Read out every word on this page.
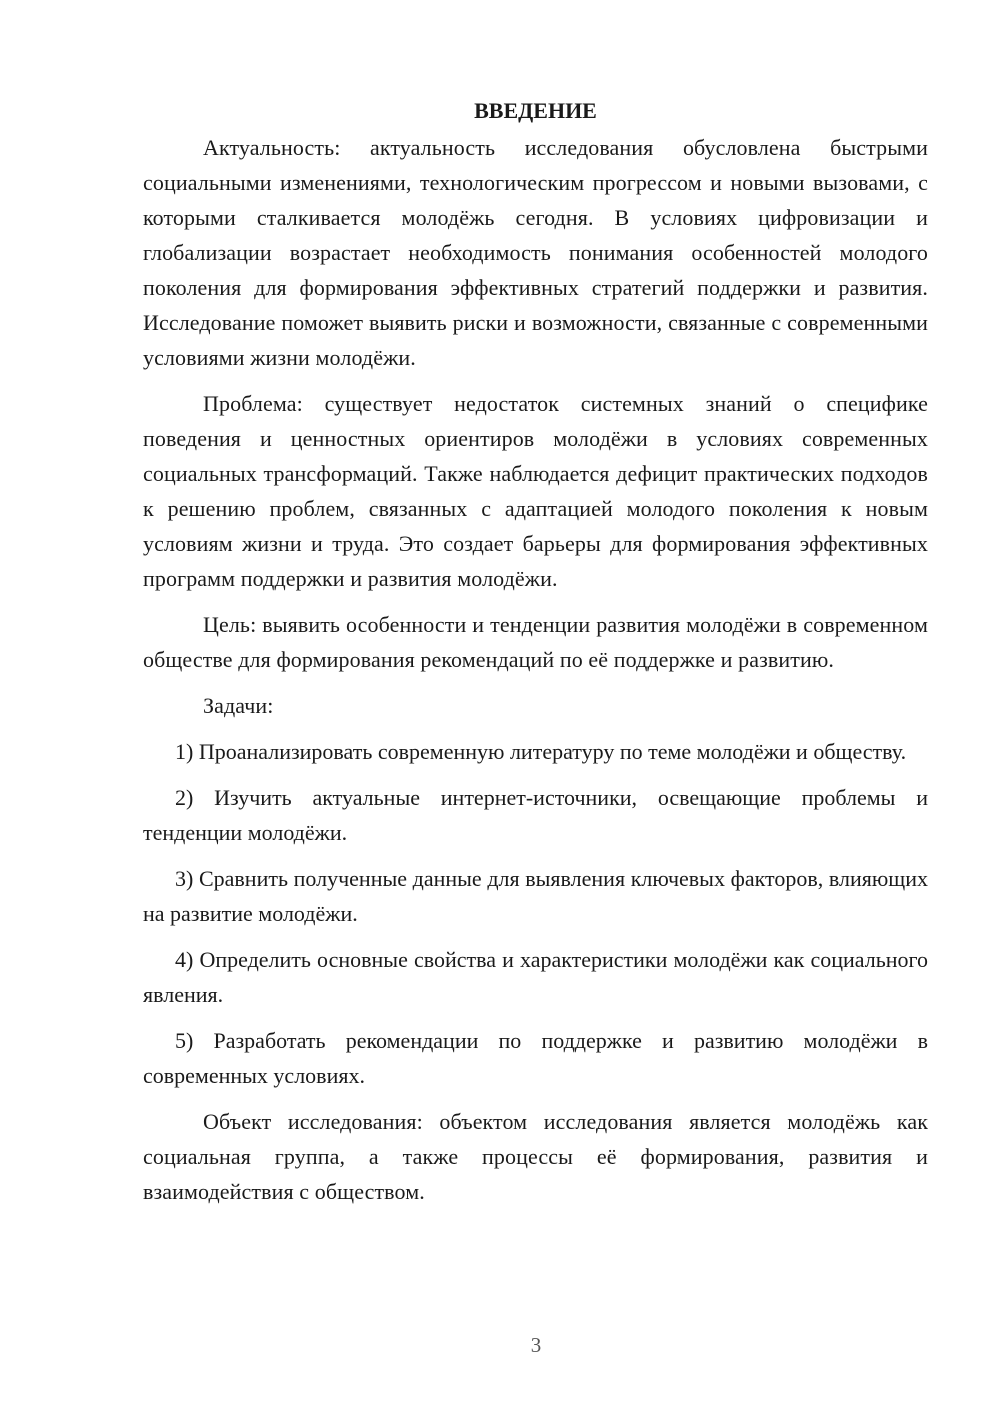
ВВЕДЕНИЕ

Актуальность: актуальность исследования обусловлена быстрыми социальными изменениями, технологическим прогрессом и новыми вызовами, с которыми сталкивается молодёжь сегодня. В условиях цифровизации и глобализации возрастает необходимость понимания особенностей молодого поколения для формирования эффективных стратегий поддержки и развития. Исследование поможет выявить риски и возможности, связанные с современными условиями жизни молодёжи.

Проблема: существует недостаток системных знаний о специфике поведения и ценностных ориентиров молодёжи в условиях современных социальных трансформаций. Также наблюдается дефицит практических подходов к решению проблем, связанных с адаптацией молодого поколения к новым условиям жизни и труда. Это создает барьеры для формирования эффективных программ поддержки и развития молодёжи.

Цель: выявить особенности и тенденции развития молодёжи в современном обществе для формирования рекомендаций по её поддержке и развитию.

Задачи:

1) Проанализировать современную литературу по теме молодёжи и обществу.

2) Изучить актуальные интернет-источники, освещающие проблемы и тенденции молодёжи.

3) Сравнить полученные данные для выявления ключевых факторов, влияющих на развитие молодёжи.

4) Определить основные свойства и характеристики молодёжи как социального явления.

5) Разработать рекомендации по поддержке и развитию молодёжи в современных условиях.

Объект исследования: объектом исследования является молодёжь как социальная группа, а также процессы её формирования, развития и взаимодействия с обществом.

3
